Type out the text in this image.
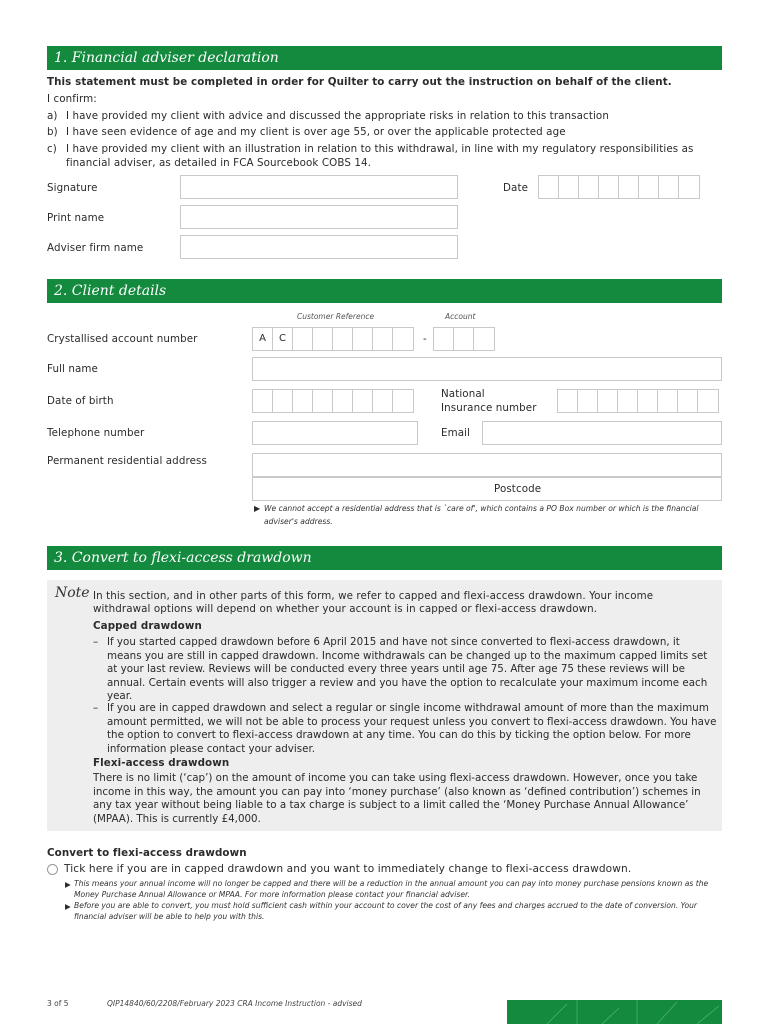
1. Financial adviser declaration
This statement must be completed in order for Quilter to carry out the instruction on behalf of the client.
I confirm:
a) I have provided my client with advice and discussed the appropriate risks in relation to this transaction
b) I have seen evidence of age and my client is over age 55, or over the applicable protected age
c) I have provided my client with an illustration in relation to this withdrawal, in line with my regulatory responsibilities as financial adviser, as detailed in FCA Sourcebook COBS 14.
Signature	Date
Print name
Adviser firm name
2. Client details
Customer Reference	Account
Crystallised account number	A	C	-
Full name
Date of birth
National
Insurance number
Telephone number	Email
Permanent residential address
Postcode
▶ We cannot accept a residential address that is `care of', which contains a PO Box number or which is the financial
adviser's address.
3. Convert to flexi-access drawdown
Note In this section, and in other parts of this form, we refer to capped and flexi-access drawdown. Your income
withdrawal options will depend on whether your account is in capped or flexi-access drawdown.
Capped drawdown
– If you started capped drawdown before 6 April 2015 and have not since converted to flexi-access drawdown, it means you are still in capped drawdown. Income withdrawals can be changed up to the maximum capped limits set at your last review. Reviews will be conducted every three years until age 75. After age 75 these reviews will be annual. Certain events will also trigger a review and you have the option to recalculate your maximum income each year.
– If you are in capped drawdown and select a regular or single income withdrawal amount of more than the maximum amount permitted, we will not be able to process your request unless you convert to flexi-access drawdown. You have the option to convert to flexi-access drawdown at any time. You can do this by ticking the option below. For more information please contact your adviser.
Flexi-access drawdown
There is no limit (‘cap’) on the amount of income you can take using flexi-access drawdown. However, once you take income in this way, the amount you can pay into ‘money purchase’ (also known as ‘defined contribution’) schemes in any tax year without being liable to a tax charge is subject to a limit called the ‘Money Purchase Annual Allowance’ (MPAA). This is currently £4,000.
Convert to flexi-access drawdown
Tick here if you are in capped drawdown and you want to immediately change to flexi-access drawdown.
▶ This means your annual income will no longer be capped and there will be a reduction in the annual amount you can pay into money purchase pensions known as the Money Purchase Annual Allowance or MPAA. For more information please contact your financial adviser.
▶ Before you are able to convert, you must hold sufficient cash within your account to cover the cost of any fees and charges accrued to the date of conversion. Your financial adviser will be able to help you with this.
3 of 5	QIP14840/60/2208/February 2023 CRA Income Instruction - advised
